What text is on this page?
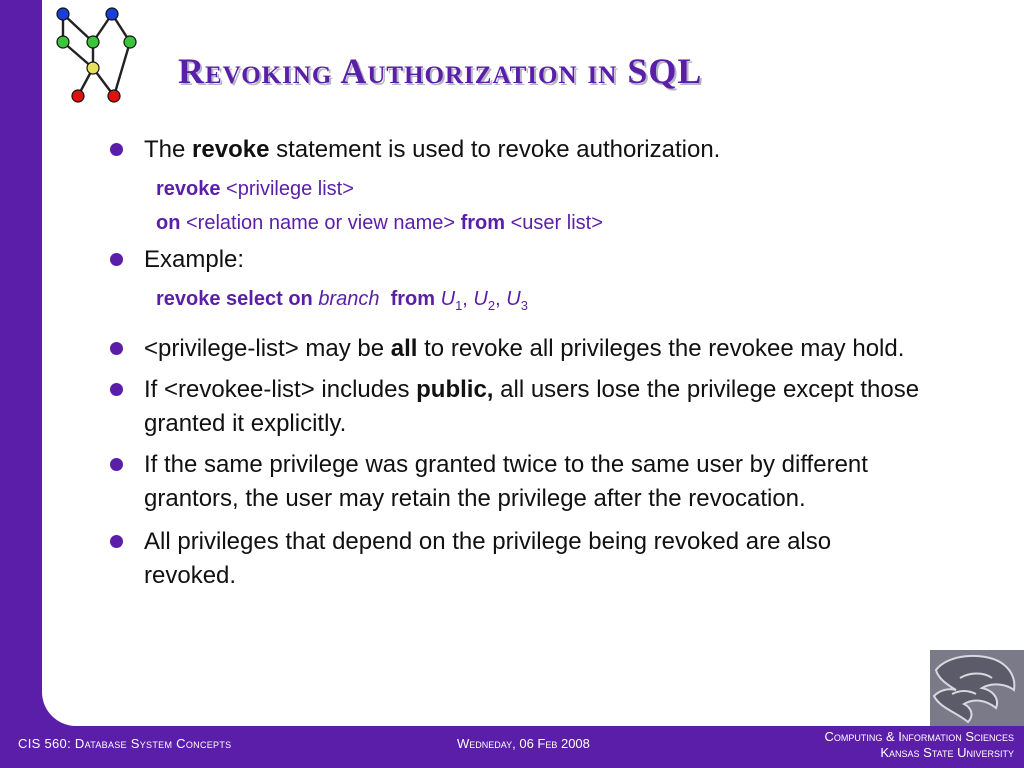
Revoking Authorization in SQL
The revoke statement is used to revoke authorization.
revoke <privilege list>
on <relation name or view name> from <user list>
Example:
revoke select on branch from $U_1$, $U_2$, $U_3$
<privilege-list> may be all to revoke all privileges the revokee may hold.
If <revokee-list> includes public, all users lose the privilege except those granted it explicitly.
If the same privilege was granted twice to the same user by different grantors, the user may retain the privilege after the revocation.
All privileges that depend on the privilege being revoked are also revoked.
CIS 560: Database System Concepts	Wedneday, 06 Feb 2008	Computing & Information Sciences
Kansas State University
